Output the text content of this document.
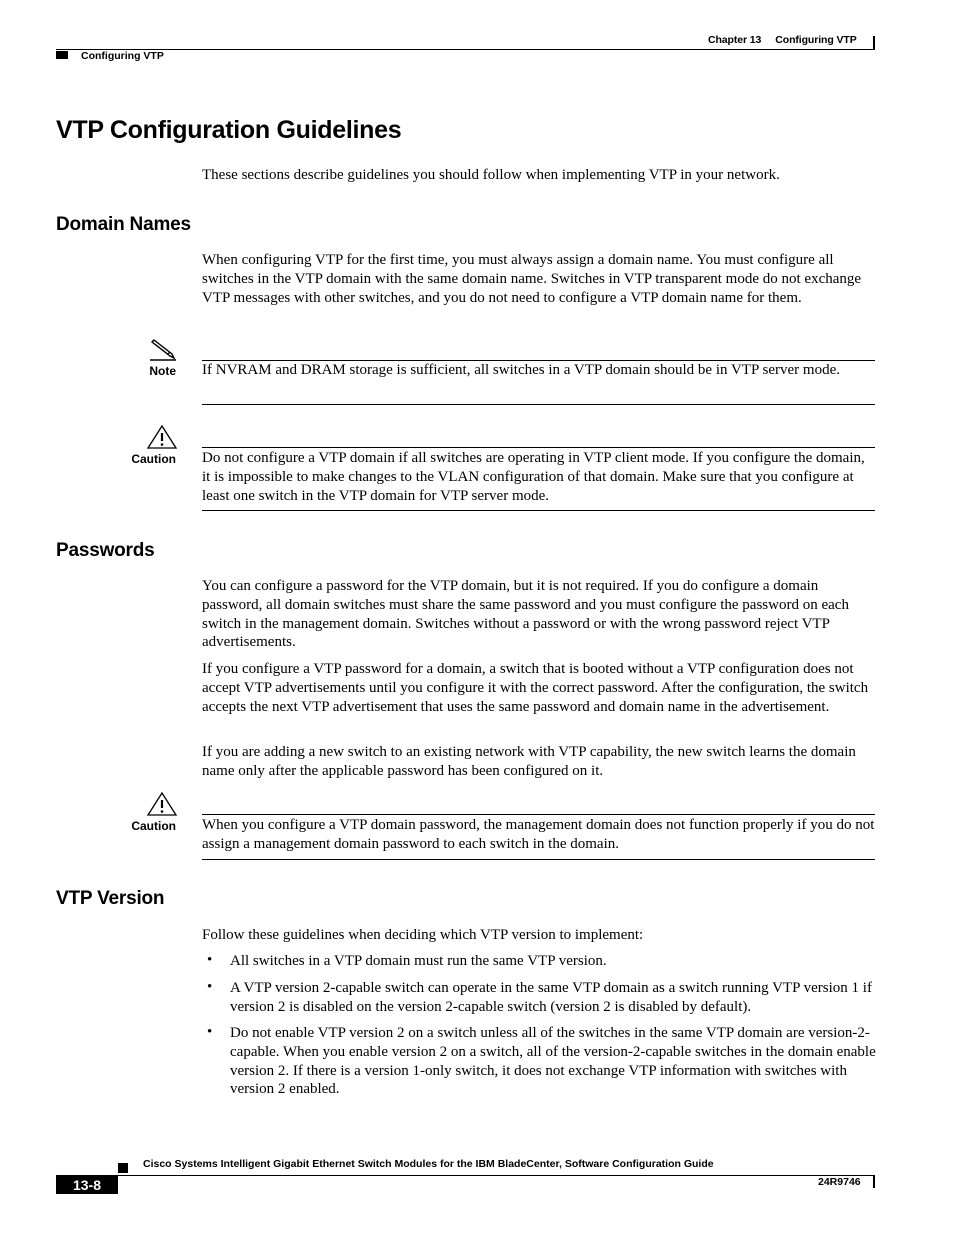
Chapter 13 Configuring VTP
Configuring VTP
VTP Configuration Guidelines

These sections describe guidelines you should follow when implementing VTP in your network.

Domain Names

When configuring VTP for the first time, you must always assign a domain name. You must configure all switches in the VTP domain with the same domain name. Switches in VTP transparent mode do not exchange VTP messages with other switches, and you do not need to configure a VTP domain name for them.

Note If NVRAM and DRAM storage is sufficient, all switches in a VTP domain should be in VTP server mode.

Caution Do not configure a VTP domain if all switches are operating in VTP client mode. If you configure the domain, it is impossible to make changes to the VLAN configuration of that domain. Make sure that you configure at least one switch in the VTP domain for VTP server mode.

Passwords

You can configure a password for the VTP domain, but it is not required. If you do configure a domain password, all domain switches must share the same password and you must configure the password on each switch in the management domain. Switches without a password or with the wrong password reject VTP advertisements.

If you configure a VTP password for a domain, a switch that is booted without a VTP configuration does not accept VTP advertisements until you configure it with the correct password. After the configuration, the switch accepts the next VTP advertisement that uses the same password and domain name in the advertisement.

If you are adding a new switch to an existing network with VTP capability, the new switch learns the domain name only after the applicable password has been configured on it.

Caution When you configure a VTP domain password, the management domain does not function properly if you do not assign a management domain password to each switch in the domain.

VTP Version

Follow these guidelines when deciding which VTP version to implement:

• All switches in a VTP domain must run the same VTP version.

• A VTP version 2-capable switch can operate in the same VTP domain as a switch running VTP version 1 if version 2 is disabled on the version 2-capable switch (version 2 is disabled by default).

• Do not enable VTP version 2 on a switch unless all of the switches in the same VTP domain are version-2-capable. When you enable version 2 on a switch, all of the version-2-capable switches in the domain enable version 2. If there is a version 1-only switch, it does not exchange VTP information with switches with version 2 enabled.

Cisco Systems Intelligent Gigabit Ethernet Switch Modules for the IBM BladeCenter, Software Configuration Guide
13-8	24R9746
